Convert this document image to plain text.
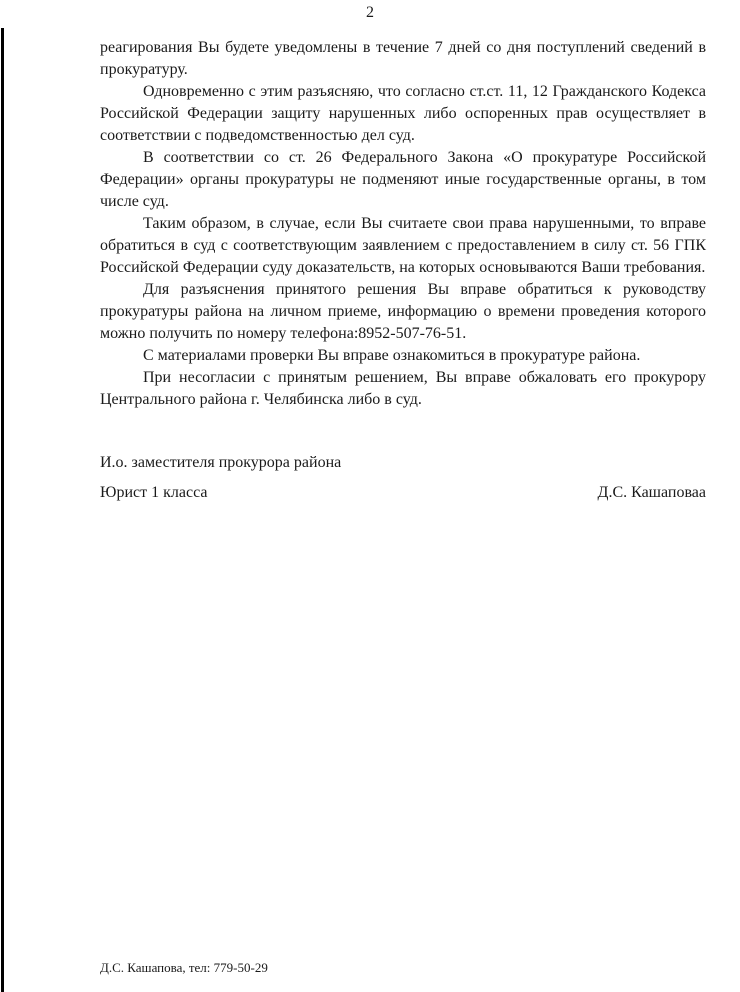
2

реагирования Вы будете уведомлены в течение 7 дней со дня поступлений сведений в прокуратуру.

Одновременно с этим разъясняю, что согласно ст.ст. 11, 12 Гражданского Кодекса Российской Федерации защиту нарушенных либо оспоренных прав осуществляет в соответствии с подведомственностью дел суд.

В соответствии со ст. 26 Федерального Закона «О прокуратуре Российской Федерации» органы прокуратуры не подменяют иные государственные органы, в том числе суд.

Таким образом, в случае, если Вы считаете свои права нарушенными, то вправе обратиться в суд с соответствующим заявлением с предоставлением в силу ст. 56 ГПК Российской Федерации суду доказательств, на которых основываются Ваши требования.

Для разъяснения принятого решения Вы вправе обратиться к руководству прокуратуры района на личном приеме, информацию о времени проведения которого можно получить по номеру телефона:8952-507-76-51.

С материалами проверки Вы вправе ознакомиться в прокуратуре района.

При несогласии с принятым решением, Вы вправе обжаловать его прокурору Центрального района г. Челябинска либо в суд.

И.о. заместителя прокурора района
Юрист 1 класса	Д.С. Кашаповаа
Д.С. Кашапова, тел: 779-50-29
